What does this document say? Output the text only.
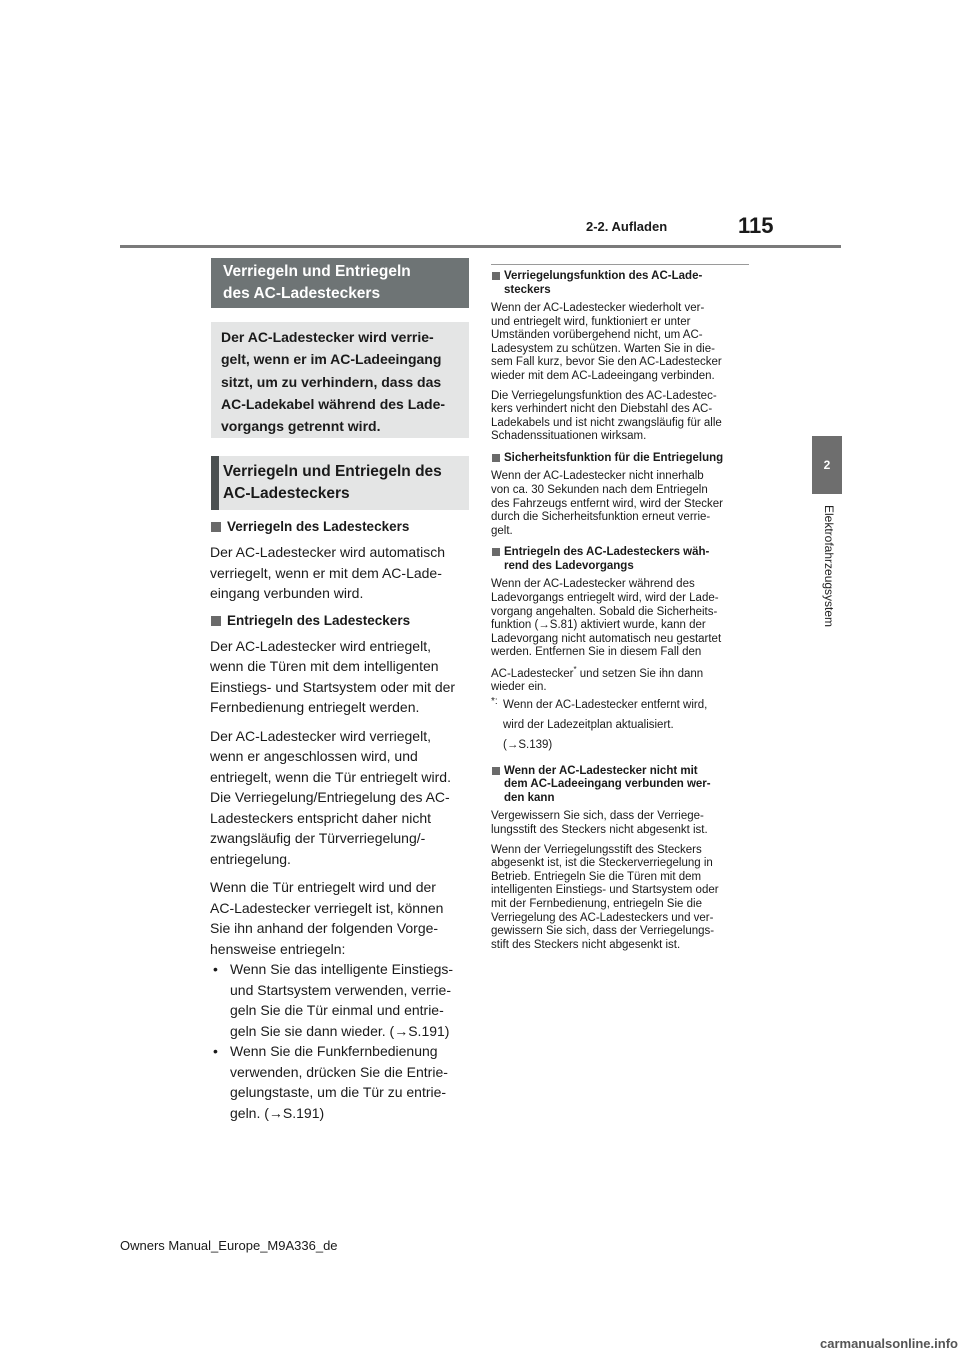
2-2. Aufladen	115
2
Elektrofahrzeugsystem
Verriegeln und Entriegeln
des AC-Ladesteckers
Der AC-Ladestecker wird verrie-
gelt, wenn er im AC-Ladeeingang
sitzt, um zu verhindern, dass das
AC-Ladekabel während des Lade-
vorgangs getrennt wird.
Verriegeln und Entriegeln des
AC-Ladesteckers
Verriegeln des Ladesteckers

Der AC-Ladestecker wird automatisch
verriegelt, wenn er mit dem AC-Lade-
eingang verbunden wird.

Entriegeln des Ladesteckers

Der AC-Ladestecker wird entriegelt,
wenn die Türen mit dem intelligenten
Einstiegs- und Startsystem oder mit der
Fernbedienung entriegelt werden.

Der AC-Ladestecker wird verriegelt,
wenn er angeschlossen wird, und
entriegelt, wenn die Tür entriegelt wird.
Die Verriegelung/Entriegelung des AC-
Ladesteckers entspricht daher nicht
zwangsläufig der Türverriegelung/-
entriegelung.

Wenn die Tür entriegelt wird und der
AC-Ladestecker verriegelt ist, können
Sie ihn anhand der folgenden Vorge-
hensweise entriegeln:

• Wenn Sie das intelligente Einstiegs-
und Startsystem verwenden, verrie-
geln Sie die Tür einmal und entrie-
geln Sie sie dann wieder. (→S.191)
• Wenn Sie die Funkfernbedienung
verwenden, drücken Sie die Entrie-
gelungstaste, um die Tür zu entrie-
geln. (→S.191)
Verriegelungsfunktion des AC-Lade-
steckers

Wenn der AC-Ladestecker wiederholt ver-
und entriegelt wird, funktioniert er unter
Umständen vorübergehend nicht, um AC-
Ladesystem zu schützen. Warten Sie in die-
sem Fall kurz, bevor Sie den AC-Ladestecker
wieder mit dem AC-Ladeeingang verbinden.

Die Verriegelungsfunktion des AC-Ladestec-
kers verhindert nicht den Diebstahl des AC-
Ladekabels und ist nicht zwangsläufig für alle
Schadenssituationen wirksam.

Sicherheitsfunktion für die Entriegelung

Wenn der AC-Ladestecker nicht innerhalb
von ca. 30 Sekunden nach dem Entriegeln
des Fahrzeugs entfernt wird, wird der Stecker
durch die Sicherheitsfunktion erneut verrie-
gelt.

Entriegeln des AC-Ladesteckers wäh-
rend des Ladevorgangs

Wenn der AC-Ladestecker während des
Ladevorgangs entriegelt wird, wird der Lade-
vorgang angehalten. Sobald die Sicherheits-
funktion (→S.81) aktiviert wurde, kann der
Ladevorgang nicht automatisch neu gestartet
werden. Entfernen Sie in diesem Fall den
AC-Ladestecker* und setzen Sie ihn dann
wieder ein.

*: Wenn der AC-Ladestecker entfernt wird,
wird der Ladezeitplan aktualisiert.
(→S.139)
Wenn der AC-Ladestecker nicht mit
dem AC-Ladeeingang verbunden wer-
den kann

Vergewissern Sie sich, dass der Verriege-
lungsstift des Steckers nicht abgesenkt ist.

Wenn der Verriegelungsstift des Steckers
abgesenkt ist, ist die Steckerverriegelung in
Betrieb. Entriegeln Sie die Türen mit dem
intelligenten Einstiegs- und Startsystem oder
mit der Fernbedienung, entriegeln Sie die
Verriegelung des AC-Ladesteckers und ver-
gewissern Sie sich, dass der Verriegelungs-
stift des Steckers nicht abgesenkt ist.

Owners Manual_Europe_M9A336_de
carmanualsonline.info
